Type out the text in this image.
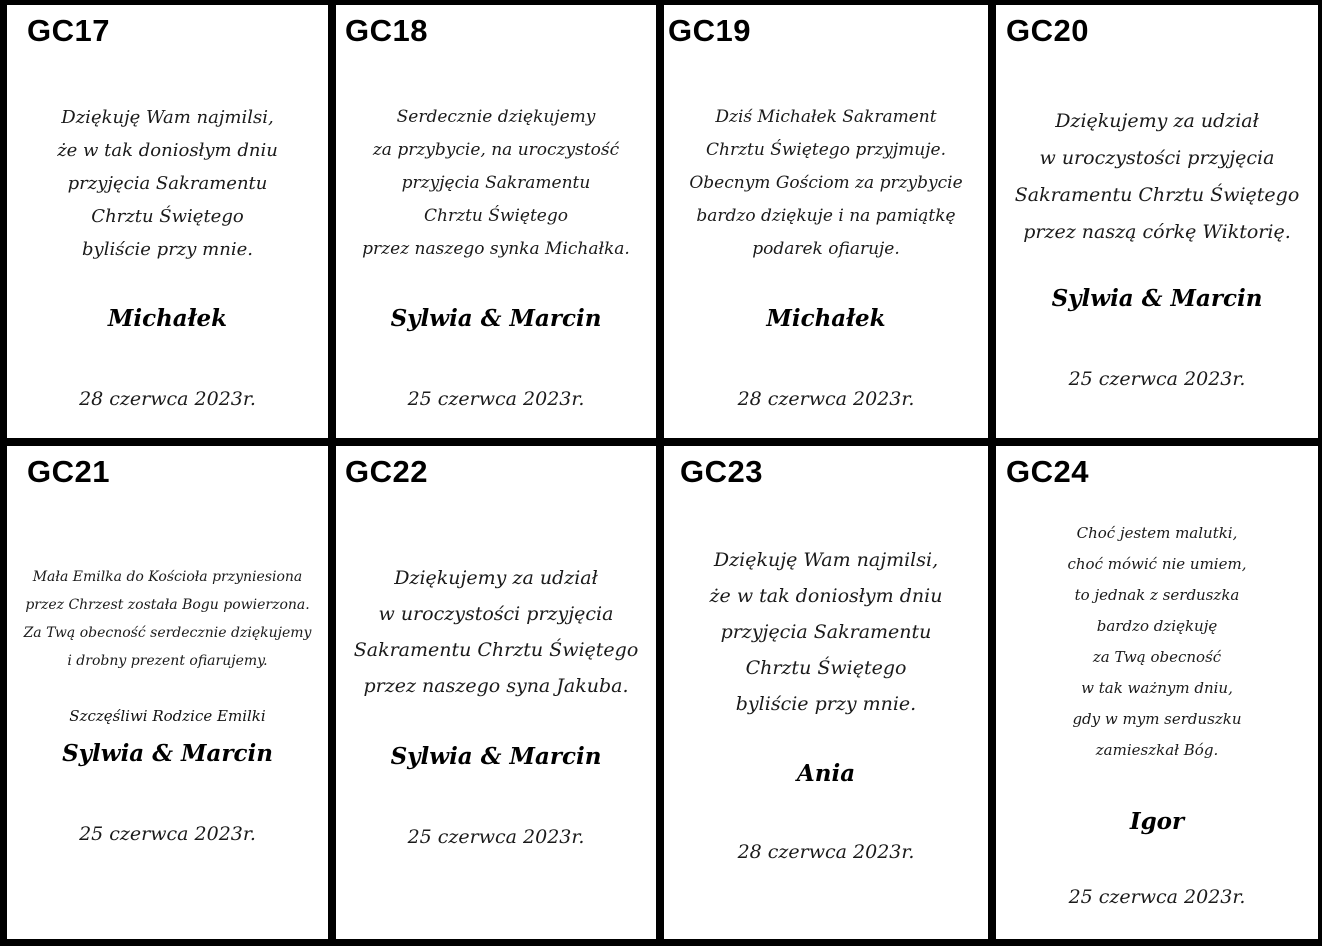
GC17
Dziękuję Wam najmilsi,
że w tak doniosłym dniu
przyjęcia Sakramentu
Chrztu Świętego
byliście przy mnie.
Michałek
28 czerwca 2023r.
GC18
Serdecznie dziękujemy
za przybycie, na uroczystość
przyjęcia Sakramentu
Chrztu Świętego
przez naszego synka Michałka.
Sylwia & Marcin
25 czerwca 2023r.
GC19
Dziś Michałek Sakrament
Chrztu Świętego przyjmuje.
Obecnym Gościom za przybycie
bardzo dziękuje i na pamiątkę
podarek ofiaruje.
Michałek
28 czerwca 2023r.
GC20
Dziękujemy za udział
w uroczystości przyjęcia
Sakramentu Chrztu Świętego
przez naszą córkę Wiktorię.
Sylwia & Marcin
25 czerwca 2023r.
GC21
Mała Emilka do Kościoła przyniesiona
przez Chrzest została Bogu powierzona.
Za Twą obecność serdecznie dziękujemy
i drobny prezent ofiarujemy.
Szczęśliwi Rodzice Emilki
Sylwia & Marcin
25 czerwca 2023r.
GC22
Dziękujemy za udział
w uroczystości przyjęcia
Sakramentu Chrztu Świętego
przez naszego syna Jakuba.
Sylwia & Marcin
25 czerwca 2023r.
GC23
Dziękuję Wam najmilsi,
że w tak doniosłym dniu
przyjęcia Sakramentu
Chrztu Świętego
byliście przy mnie.
Ania
28 czerwca 2023r.
GC24
Choć jestem malutki,
choć mówić nie umiem,
to jednak z serduszka
bardzo dziękuję
za Twą obecność
w tak ważnym dniu,
gdy w mym serduszku
zamieszkał Bóg.
Igor
25 czerwca 2023r.
